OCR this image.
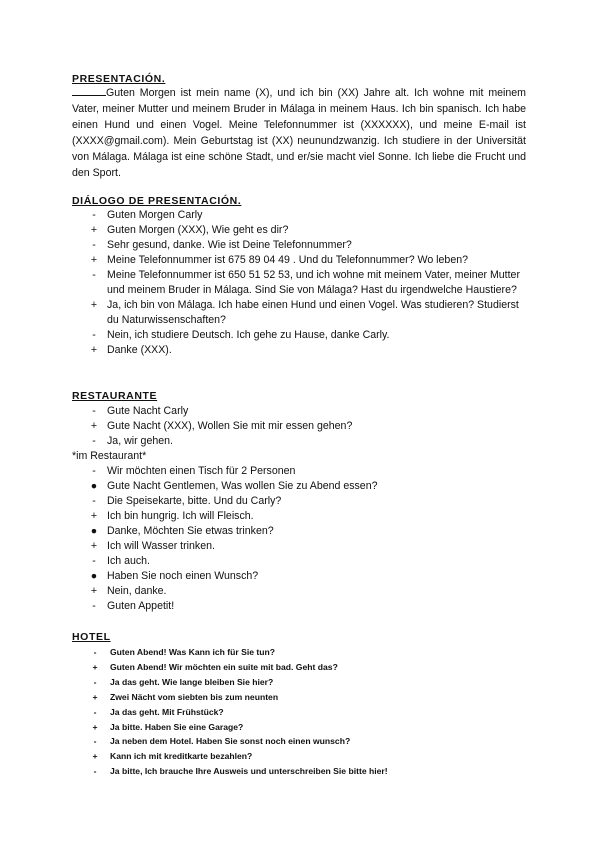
PRESENTACIÓN.

Guten Morgen ist mein name (X), und ich bin (XX) Jahre alt. Ich wohne mit meinem Vater, meiner Mutter und meinem Bruder in Málaga in meinem Haus. Ich bin spanisch. Ich habe einen Hund und einen Vogel. Meine Telefonnummer ist (XXXXXX), und meine E-mail ist (XXXX@gmail.com). Mein Geburtstag ist (XX) neunundzwanzig. Ich studiere in der Universität von Málaga. Málaga ist eine schöne Stadt, und er/sie macht viel Sonne. Ich liebe die Frucht und den Sport.

DIÁLOGO DE PRESENTACIÓN.
-	Guten Morgen Carly
+ Guten Morgen (XXX), Wie geht es dir?
-	Sehr gesund, danke. Wie ist Deine Telefonnummer?
+ Meine Telefonnummer ist 675 89 04 49 . Und du Telefonnummer? Wo leben?
-	Meine Telefonnummer ist 650 51 52 53, und ich wohne mit meinem Vater, meiner Mutter und meinem Bruder in Málaga. Sind Sie von Málaga? Hast du irgendwelche Haustiere?
+ Ja, ich bin von Málaga. Ich habe einen Hund und einen Vogel. Was studieren? Studierst du Naturwissenschaften?
-	Nein, ich studiere Deutsch. Ich gehe zu Hause, danke Carly.
+ Danke (XXX).
RESTAURANTE
-	Gute Nacht Carly
+ Gute Nacht (XXX), Wollen Sie mit mir essen gehen?
-	Ja, wir gehen.

*im Restaurant*

-	Wir möchten einen Tisch für 2 Personen
● Gute Nacht Gentlemen, Was wollen Sie zu Abend essen?
-	Die Speisekarte, bitte. Und du Carly?
+ Ich bin hungrig. Ich will Fleisch.
● Danke, Möchten Sie etwas trinken?
+ Ich will Wasser trinken.
-	Ich auch.
● Haben Sie noch einen Wunsch?
+ Nein, danke.
-	Guten Appetit!
HOTEL
-	Guten Abend! Was Kann ich für Sie tun?
+ Guten Abend! Wir möchten ein suite mit bad. Geht das?
-	Ja das geht. Wie lange bleiben Sie hier?
+ Zwei Nächt vom siebten bis zum neunten
-	Ja das geht. Mit Frühstück?
+ Ja bitte. Haben Sie eine Garage?
-	Ja neben dem Hotel. Haben Sie sonst noch einen wunsch?
+ Kann ich mit kreditkarte bezahlen?
-	Ja bitte, Ich brauche Ihre Ausweis und unterschreiben Sie bitte hier!
